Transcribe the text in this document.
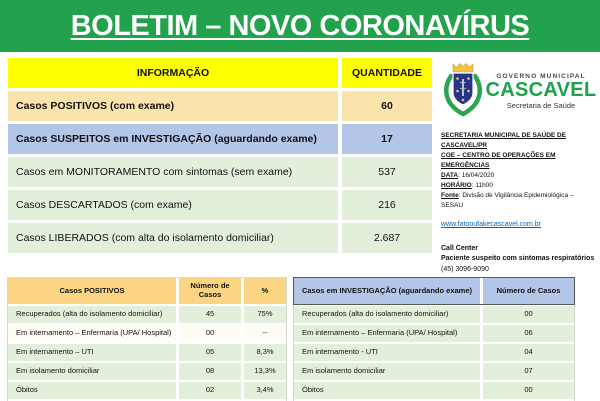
BOLETIM – NOVO CORONAVÍRUS
INFORMAÇÃO	QUANTIDADE
Casos POSITIVOS (com exame)	60
Casos SUSPEITOS em INVESTIGAÇÃO (aguardando exame)	17
Casos em MONITORAMENTO com sintomas (sem exame)	537
Casos DESCARTADOS (com exame)	216
Casos LIBERADOS (com alta do isolamento domiciliar)	2.687
GOVERNO MUNICIPAL
CASCAVEL
Secretaria de Saúde
SECRETARIA MUNICIPAL DE SAÚDE DE CASCAVEL/PR
COE – CENTRO DE OPERAÇÕES EM EMERGÊNCIAS
DATA: 16/04/2020
HORÁRIO: 11h00
Fonte: Divisão de Vigilância Epidemiológica – SESAU
www.fatooufakecascavel.com.br
Call Center
Paciente suspeito com sintomas respiratórios
(45) 3096-9090
Casos POSITIVOS	Número de Casos	%
Recuperados (alta do isolamento domiciliar)	45	75%
Em internamento – Enfermaria (UPA/ Hospital)	00	--
Em internamento – UTI	05	8,3%
Em isolamento domiciliar	08	13,3%
Óbitos	02	3,4%
Casos em INVESTIGAÇÃO (aguardando exame)	Número de Casos
Recuperados (alta do isolamento domiciliar)	00
Em internamento – Enfermaria (UPA/ Hospital)	06
Em internamento - UTI	04
Em isolamento domiciliar	07
Óbitos	00
